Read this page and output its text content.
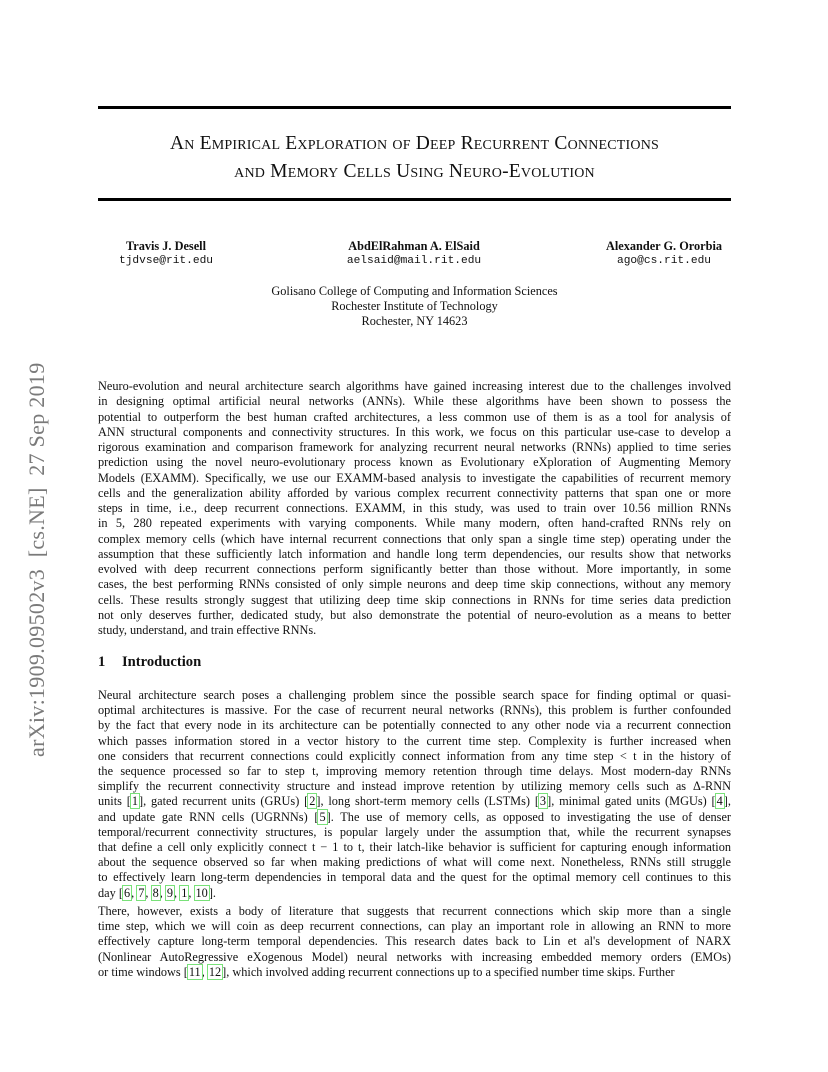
An Empirical Exploration of Deep Recurrent Connections
and Memory Cells Using Neuro-Evolution
Travis J. Desell
tjdvse@rit.edu
AbdElRahman A. ElSaid
aelsaid@mail.rit.edu
Alexander G. Ororbia
ago@cs.rit.edu
Golisano College of Computing and Information Sciences
Rochester Institute of Technology
Rochester, NY 14623
arXiv:1909.09502v3  [cs.NE]  27 Sep 2019	Neuro-evolution and neural architecture search algorithms have gained increasing interest due to the challenges involved
in designing optimal artificial neural networks (ANNs). While these algorithms have been shown to possess the
potential to outperform the best human crafted architectures, a less common use of them is as a tool for analysis of
ANN structural components and connectivity structures. In this work, we focus on this particular use-case to develop a
rigorous examination and comparison framework for analyzing recurrent neural networks (RNNs) applied to time series
prediction using the novel neuro-evolutionary process known as Evolutionary eXploration of Augmenting Memory
Models (EXAMM). Specifically, we use our EXAMM-based analysis to investigate the capabilities of recurrent memory
cells and the generalization ability afforded by various complex recurrent connectivity patterns that span one or more
steps in time, i.e., deep recurrent connections. EXAMM, in this study, was used to train over 10.56 million RNNs
in 5, 280 repeated experiments with varying components. While many modern, often hand-crafted RNNs rely on
complex memory cells (which have internal recurrent connections that only span a single time step) operating under the
assumption that these sufficiently latch information and handle long term dependencies, our results show that networks
evolved with deep recurrent connections perform significantly better than those without. More importantly, in some
cases, the best performing RNNs consisted of only simple neurons and deep time skip connections, without any memory
cells. These results strongly suggest that utilizing deep time skip connections in RNNs for time series data prediction
not only deserves further, dedicated study, but also demonstrate the potential of neuro-evolution as a means to better
study, understand, and train effective RNNs.
1 Introduction
Neural architecture search poses a challenging problem since the possible search space for finding optimal or quasi-
optimal architectures is massive. For the case of recurrent neural networks (RNNs), this problem is further confounded
by the fact that every node in its architecture can be potentially connected to any other node via a recurrent connection
which passes information stored in a vector history to the current time step. Complexity is further increased when
one considers that recurrent connections could explicitly connect information from any time step < t in the history of
the sequence processed so far to step t, improving memory retention through time delays. Most modern-day RNNs
simplify the recurrent connectivity structure and instead improve retention by utilizing memory cells such as Δ-RNN
units [1], gated recurrent units (GRUs) [2], long short-term memory cells (LSTMs) [3], minimal gated units (MGUs) [4],
and update gate RNN cells (UGRNNs) [5]. The use of memory cells, as opposed to investigating the use of denser
temporal/recurrent connectivity structures, is popular largely under the assumption that, while the recurrent synapses
that define a cell only explicitly connect t − 1 to t, their latch-like behavior is sufficient for capturing enough information
about the sequence observed so far when making predictions of what will come next. Nonetheless, RNNs still struggle
to effectively learn long-term dependencies in temporal data and the quest for the optimal memory cell continues to this
day [6, 7, 8, 9, 1, 10].
There, however, exists a body of literature that suggests that recurrent connections which skip more than a single
time step, which we will coin as deep recurrent connections, can play an important role in allowing an RNN to more
effectively capture long-term temporal dependencies. This research dates back to Lin et al's development of NARX
(Nonlinear AutoRegressive eXogenous Model) neural networks with increasing embedded memory orders (EMOs)
or time windows [11, 12], which involved adding recurrent connections up to a specified number time skips. Further
